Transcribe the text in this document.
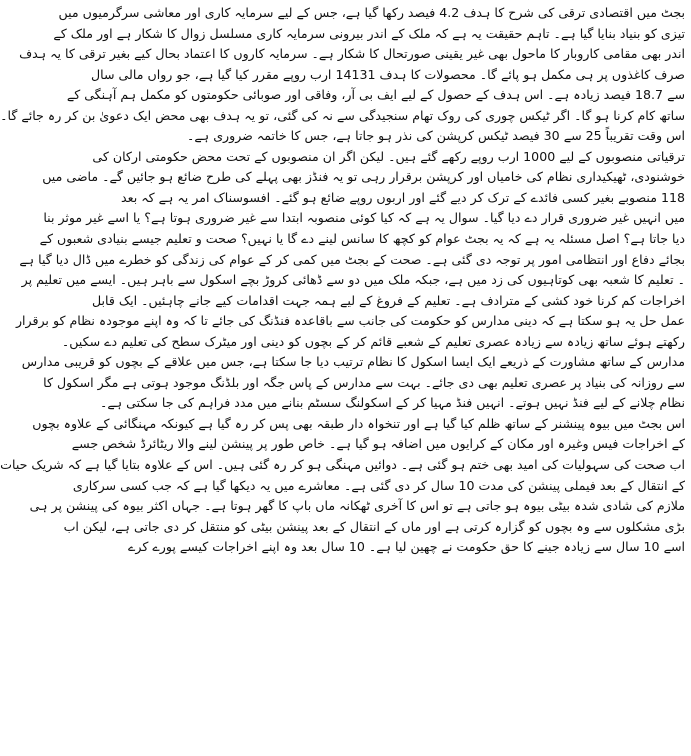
بجٹ میں اقتصادی ترقی کی شرح کا ہدف 4.2 فیصد رکھا گیا ہے، جس کے لیے سرمایہ کاری اور معاشی سرگرمیوں میں
تیزی کو بنیاد بنایا گیا ہے۔ تاہم حقیقت یہ ہے کہ ملک کے اندر بیرونی سرمایہ کاری مسلسل زوال کا شکار ہے اور ملک کے
اندر بھی مقامی کاروبار کا ماحول بھی غیر یقینی صورتحال کا شکار ہے۔ سرمایہ کاروں کا اعتماد بحال کیے بغیر ترقی کا یہ ہدف
صرف کاغذوں پر ہی مکمل ہو پائے گا۔ محصولات کا ہدف 14131 ارب روپے مقرر کیا گیا ہے، جو رواں مالی سال
سے 18.7 فیصد زیادہ ہے۔ اس ہدف کے حصول کے لیے ایف بی آر، وفاقی اور صوبائی حکومتوں کو مکمل ہم آہنگی کے
ساتھ کام کرنا ہو گا۔ اگر ٹیکس چوری کی روک تھام سنجیدگی سے نہ کی گئی، تو یہ ہدف بھی محض ایک دعویٰ بن کر رہ جائے گا۔
اس وقت تقریباً 25 سے 30 فیصد ٹیکس کرپشن کی نذر ہو جاتا ہے، جس کا خاتمہ ضروری ہے۔
ترقیاتی منصوبوں کے لیے 1000 ارب روپے رکھے گئے ہیں۔ لیکن اگر ان منصوبوں کے تحت محض حکومتی ارکان کی
خوشنودی، ٹھیکیداری نظام کی خامیاں اور کرپشن برقرار رہی تو یہ فنڈز بھی پہلے کی طرح ضائع ہو جائیں گے۔ ماضی میں
118 منصوبے بغیر کسی فائدے کے ترک کر دیے گئے اور اربوں روپے ضائع ہو گئے۔ افسوسناک امر یہ ہے کہ بعد
میں انہیں غیر ضروری قرار دے دیا گیا۔ سوال یہ ہے کہ کیا کوئی منصوبہ ابتدا سے غیر ضروری ہوتا ہے؟ یا اسے غیر موثر بنا
دیا جاتا ہے؟ اصل مسئلہ یہ ہے کہ یہ بجٹ عوام کو کچھ کا سانس لینے دے گا یا نہیں؟ صحت و تعلیم جیسے بنیادی شعبوں کے
بجائے دفاع اور انتظامی امور پر توجہ دی گئی ہے۔ صحت کے بجٹ میں کمی کر کے عوام کی زندگی کو خطرے میں ڈال دیا گیا ہے
۔ تعلیم کا شعبہ بھی کوتاہیوں کی زد میں ہے، جبکہ ملک میں دو سے ڈھائی کروڑ بچے اسکول سے باہر ہیں۔ ایسے میں تعلیم پر
اخراجات کم کرنا خود کشی کے مترادف ہے۔ تعلیم کے فروغ کے لیے ہمہ جہت اقدامات کیے جانے چاہئیں۔ ایک قابل
عمل حل یہ ہو سکتا ہے کہ دینی مدارس کو حکومت کی جانب سے باقاعدہ فنڈنگ کی جائے تا کہ وہ اپنے موجودہ نظام کو برقرار
رکھتے ہوئے ساتھ زیادہ سے زیادہ عصری تعلیم کے شعبے قائم کر کے بچوں کو دینی اور میٹرک سطح کی تعلیم دے سکیں۔
مدارس کے ساتھ مشاورت کے ذریعے ایک ایسا اسکول کا نظام ترتیب دیا جا سکتا ہے، جس میں علاقے کے بچوں کو قریبی مدارس
سے روزانہ کی بنیاد پر عصری تعلیم بھی دی جائے۔ بہت سے مدارس کے پاس جگہ اور بلڈنگ موجود ہوتی ہے مگر اسکول کا
نظام چلانے کے لیے فنڈ نہیں ہوتے۔ انہیں فنڈ مہیا کر کے اسکولنگ سسٹم بنانے میں مدد فراہم کی جا سکتی ہے۔
اس بجٹ میں بیوہ پینشنر کے ساتھ ظلم کیا گیا ہے اور تنخواہ دار طبقہ بھی پس کر رہ گیا ہے کیونکہ مہنگائی کے علاوہ بچوں
کے اخراجات فیس وغیرہ اور مکان کے کرایوں میں اضافہ ہو گیا ہے۔ خاص طور پر پینشن لینے والا ریٹائرڈ شخص جسے
اب صحت کی سہولیات کی امید بھی ختم ہو گئی ہے۔ دوائیں مہنگی ہو کر رہ گئی ہیں۔ اس کے علاوہ بتایا گیا ہے کہ شریک حیات
کے انتقال کے بعد فیملی پینشن کی مدت 10 سال کر دی گئی ہے۔ معاشرے میں یہ دیکھا گیا ہے کہ جب کسی سرکاری
ملازم کی شادی شدہ بیٹی بیوہ ہو جاتی ہے تو اس کا آخری ٹھکانہ ماں باپ کا گھر ہوتا ہے۔ جہاں اکثر بیوہ کی پینشن پر ہی
بڑی مشکلوں سے وہ بچوں کو گزارہ کرتی ہے اور ماں کے انتقال کے بعد پینشن بیٹی کو منتقل کر دی جاتی ہے، لیکن اب
اسے 10 سال سے زیادہ جینے کا حق حکومت نے چھین لیا ہے۔ 10 سال بعد وہ اپنے اخراجات کیسے پورے کرے
